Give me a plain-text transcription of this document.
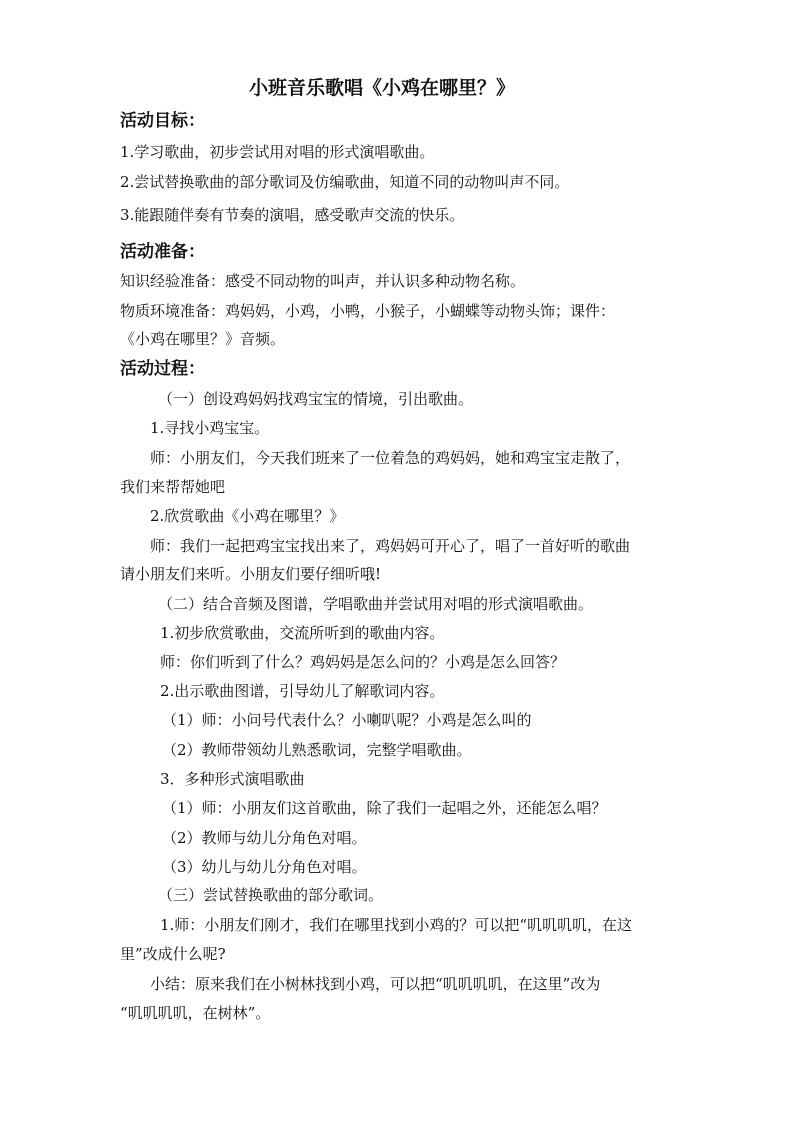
小班音乐歌唱《小鸡在哪里？》
活动目标：
1.学习歌曲，初步尝试用对唱的形式演唱歌曲。
2.尝试替换歌曲的部分歌词及仿编歌曲，知道不同的动物叫声不同。
3.能跟随伴奏有节奏的演唱，感受歌声交流的快乐。
活动准备：
知识经验准备：感受不同动物的叫声，并认识多种动物名称。
物质环境准备：鸡妈妈，小鸡，小鸭，小猴子，小蝴蝶等动物头饰；课件：
《小鸡在哪里？》音频。
活动过程：
（一）创设鸡妈妈找鸡宝宝的情境，引出歌曲。
1.寻找小鸡宝宝。
师：小朋友们，今天我们班来了一位着急的鸡妈妈，她和鸡宝宝走散了，
我们来帮帮她吧
2.欣赏歌曲《小鸡在哪里？》
师：我们一起把鸡宝宝找出来了，鸡妈妈可开心了，唱了一首好听的歌曲
请小朋友们来听。小朋友们要仔细听哦!
（二）结合音频及图谱，学唱歌曲并尝试用对唱的形式演唱歌曲。
1.初步欣赏歌曲，交流所听到的歌曲内容。
师：你们听到了什么？鸡妈妈是怎么问的？小鸡是怎么回答？
2.出示歌曲图谱，引导幼儿了解歌词内容。
（1）师：小问号代表什么？小喇叭呢？小鸡是怎么叫的
（2）教师带领幼儿熟悉歌词，完整学唱歌曲。
3．多种形式演唱歌曲
（1）师：小朋友们这首歌曲，除了我们一起唱之外，还能怎么唱？
（2）教师与幼儿分角色对唱。
（3）幼儿与幼儿分角色对唱。
（三）尝试替换歌曲的部分歌词。
1.师：小朋友们刚才，我们在哪里找到小鸡的？可以把“叽叽叽叽，在这
里”改成什么呢?
小结：原来我们在小树林找到小鸡，可以把“叽叽叽叽，在这里”改为
“叽叽叽叽，在树林”。
